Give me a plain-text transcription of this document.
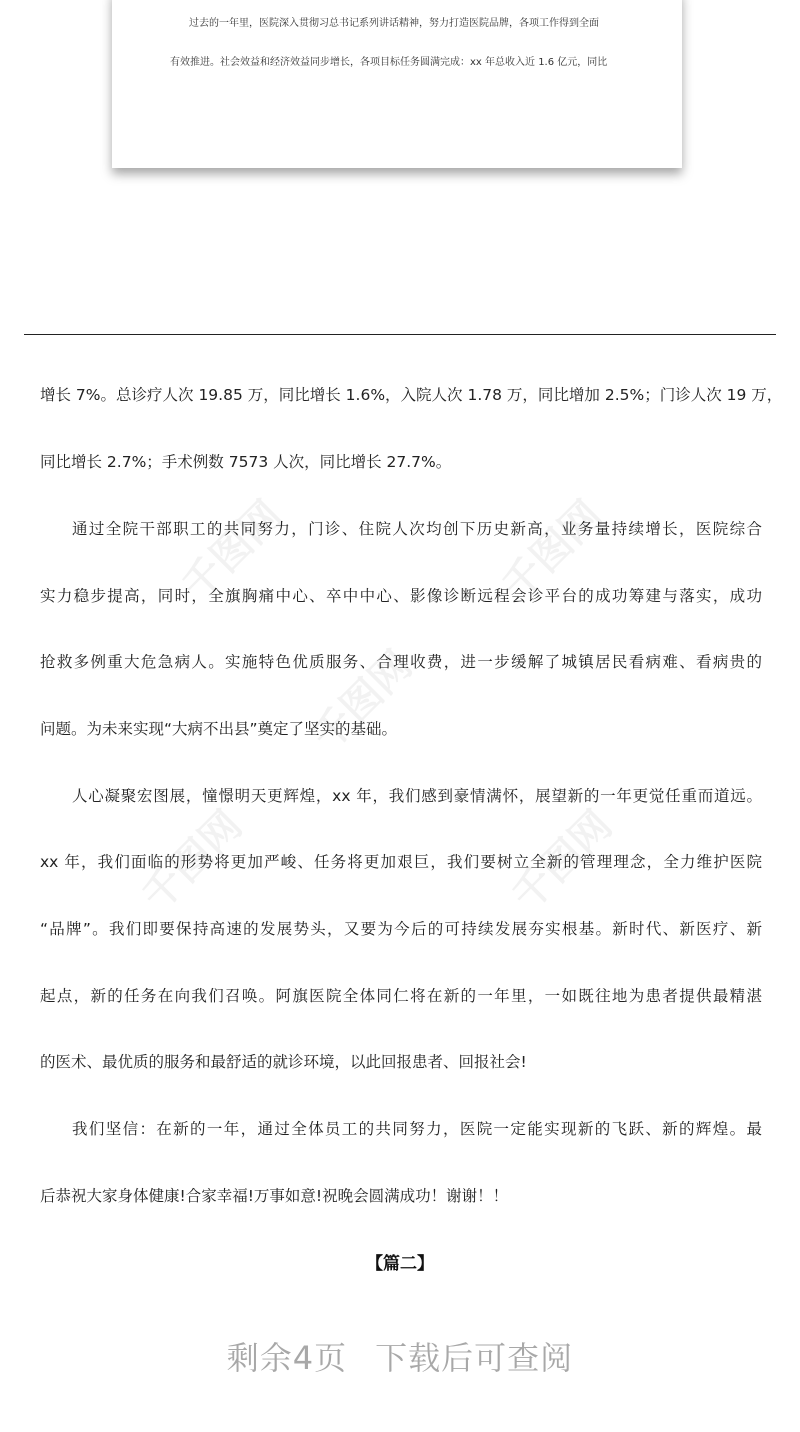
过去的一年里，医院深入贯彻习总书记系列讲话精神，努力打造医院品牌，各项工作得到全面
有效推进。社会效益和经济效益同步增长，各项目标任务圆满完成：xx 年总收入近 1.6 亿元，同比
千图网	千图网
千图网
千图网	千图网
增长 7%。总诊疗人次 19.85 万，同比增长 1.6%，入院人次 1.78 万，同比增加 2.5%；门诊人次 19 万，
同比增长 2.7%；手术例数 7573 人次，同比增长 27.7%。
通过全院干部职工的共同努力，门诊、住院人次均创下历史新高，业务量持续增长，医院综合
实力稳步提高，同时，全旗胸痛中心、卒中中心、影像诊断远程会诊平台的成功筹建与落实，成功
抢救多例重大危急病人。实施特色优质服务、合理收费，进一步缓解了城镇居民看病难、看病贵的
问题。为未来实现“大病不出县”奠定了坚实的基础。
人心凝聚宏图展，憧憬明天更辉煌，xx 年，我们感到豪情满怀，展望新的一年更觉任重而道远。
xx 年，我们面临的形势将更加严峻、任务将更加艰巨，我们要树立全新的管理理念，全力维护医院
“品牌”。我们即要保持高速的发展势头，又要为今后的可持续发展夯实根基。新时代、新医疗、新
起点，新的任务在向我们召唤。阿旗医院全体同仁将在新的一年里，一如既往地为患者提供最精湛
的医术、最优质的服务和最舒适的就诊环境，以此回报患者、回报社会!
我们坚信：在新的一年，通过全体员工的共同努力，医院一定能实现新的飞跃、新的辉煌。最
后恭祝大家身体健康!合家幸福!万事如意!祝晚会圆满成功！谢谢！！
【篇二】
剩余4页 下载后可查阅
